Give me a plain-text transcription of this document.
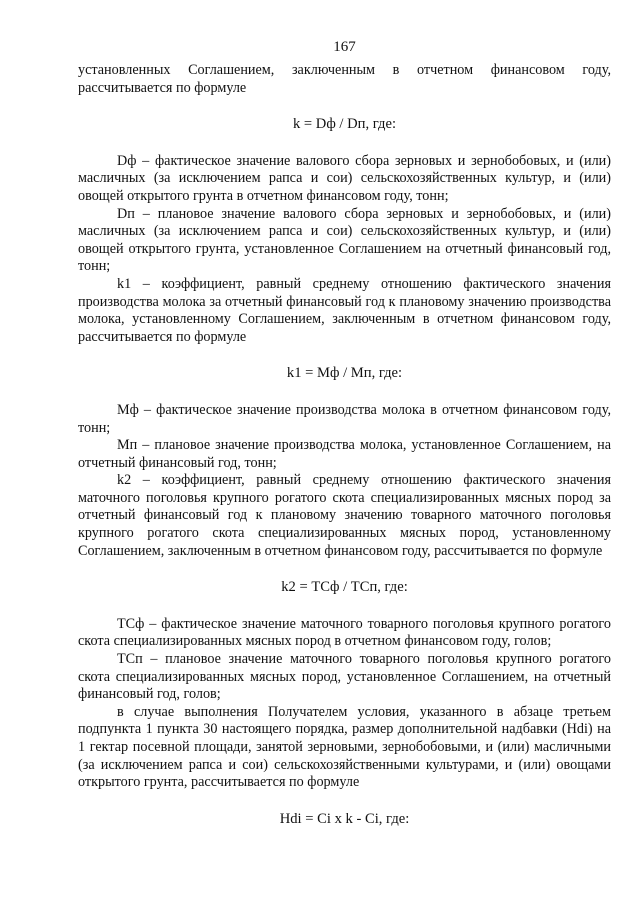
167

установленных Соглашением, заключенным в отчетном финансовом году, рассчитывается по формуле

k = Dф / Dп, где:

Dф – фактическое значение валового сбора зерновых и зернобобовых, и (или) масличных (за исключением рапса и сои) сельскохозяйственных культур, и (или) овощей открытого грунта в отчетном финансовом году, тонн;

Dп – плановое значение валового сбора зерновых и зернобобовых, и (или) масличных (за исключением рапса и сои) сельскохозяйственных культур, и (или) овощей открытого грунта, установленное Соглашением на отчетный финансовый год, тонн;

k1 – коэффициент, равный среднему отношению фактического значения производства молока за отчетный финансовый год к плановому значению производства молока, установленному Соглашением, заключенным в отчетном финансовом году, рассчитывается по формуле

k1 = Мф / Мп, где:

Мф – фактическое значение производства молока в отчетном финансовом году, тонн;

Мп – плановое значение производства молока, установленное Соглашением, на отчетный финансовый год, тонн;

k2 – коэффициент, равный среднему отношению фактического значения маточного поголовья крупного рогатого скота специализированных мясных пород за отчетный финансовый год к плановому значению товарного маточного поголовья крупного рогатого скота специализированных мясных пород, установленному Соглашением, заключенным в отчетном финансовом году, рассчитывается по формуле

k2 = ТСф / ТСп, где:

ТСф – фактическое значение маточного товарного поголовья крупного рогатого скота специализированных мясных пород в отчетном финансовом году, голов;

ТСп – плановое значение маточного товарного поголовья крупного рогатого скота специализированных мясных пород, установленное Соглашением, на отчетный финансовый год, голов;

в случае выполнения Получателем условия, указанного в абзаце третьем подпункта 1 пункта 30 настоящего порядка, размер дополнительной надбавки (Нdi) на 1 гектар посевной площади, занятой зерновыми, зернобобовыми, и (или) масличными (за исключением рапса и сои) сельскохозяйственными культурами, и (или) овощами открытого грунта, рассчитывается по формуле

Нdi = Ci x k - Ci, где:
